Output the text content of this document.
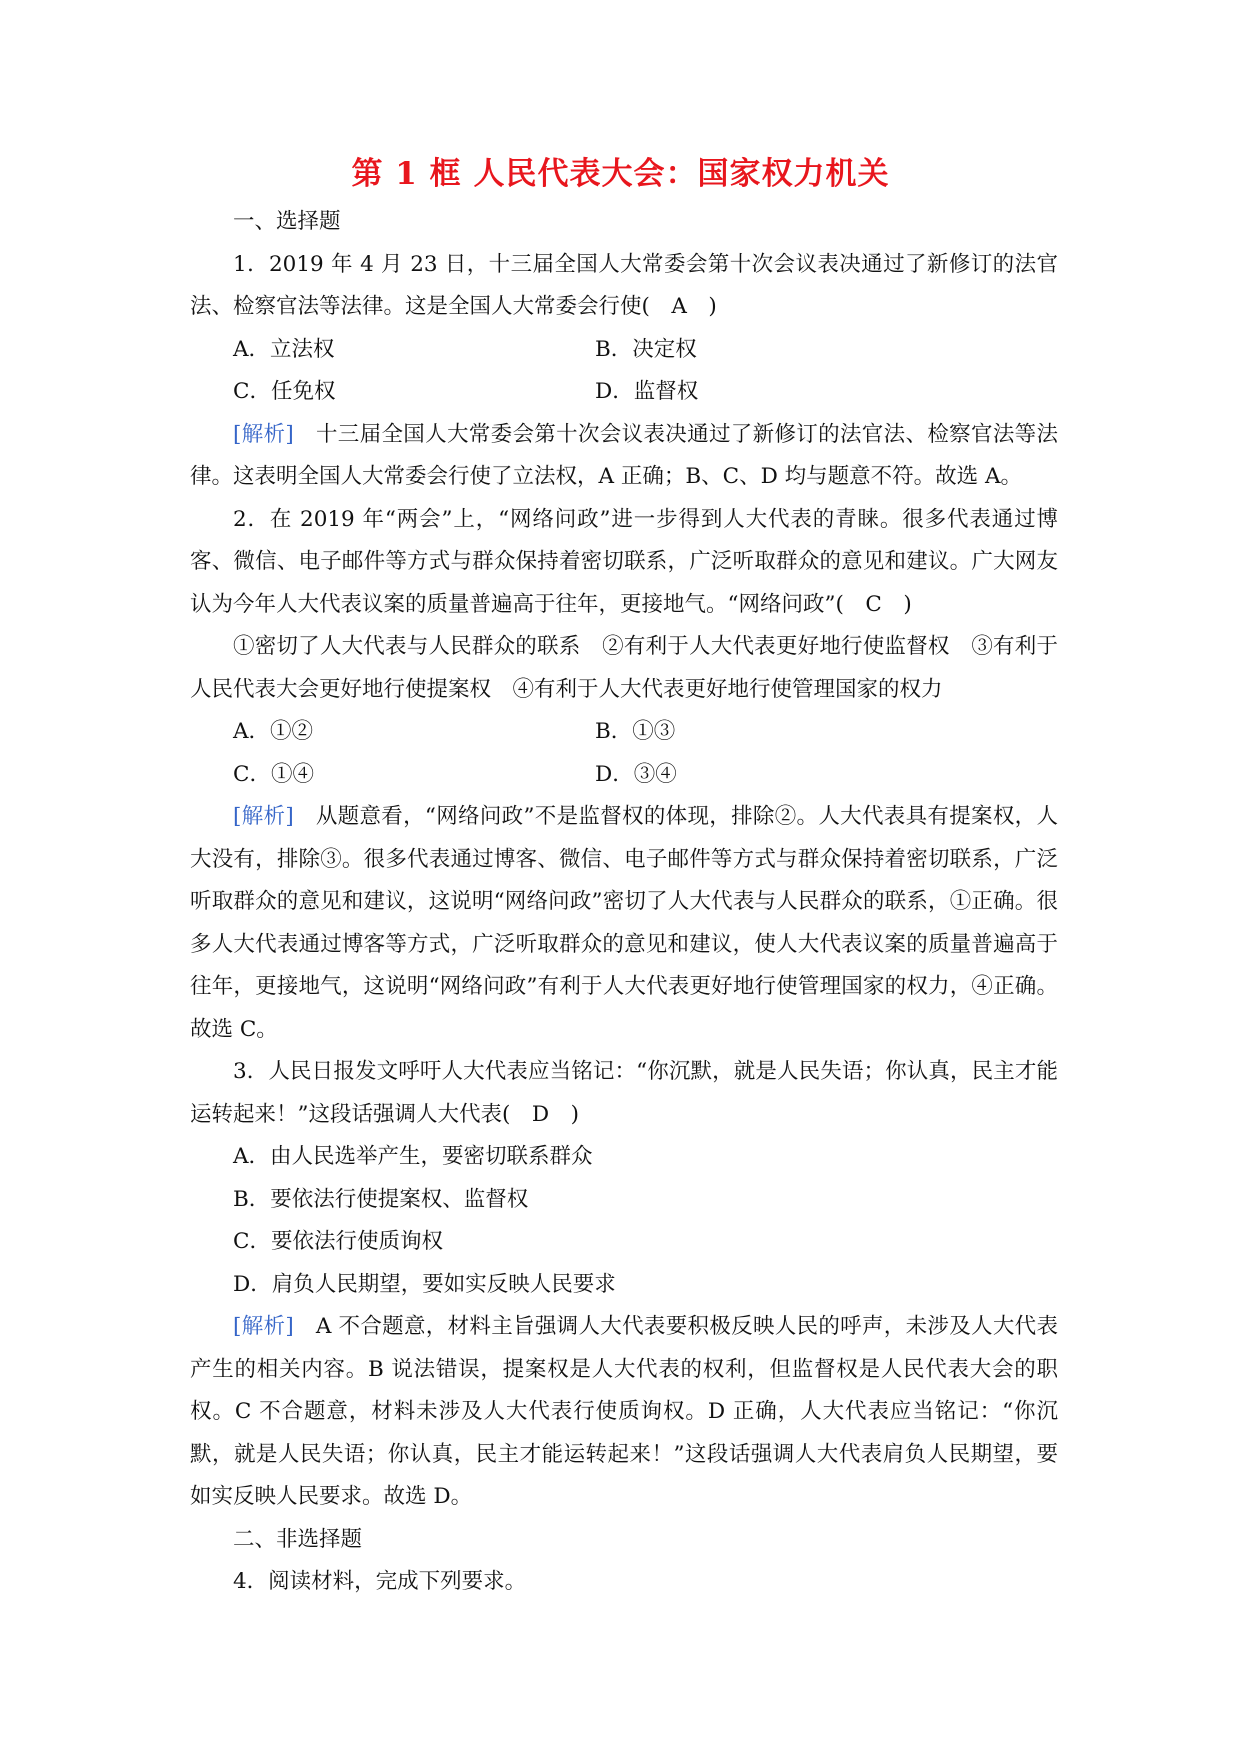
第 1 框 人民代表大会：国家权力机关

一、选择题

1．2019 年 4 月 23 日，十三届全国人大常委会第十次会议表决通过了新修订的法官法、检察官法等法律。这是全国人大常委会行使(　A　)

A．立法权	B．决定权

C．任免权	D．监督权

[解析]　十三届全国人大常委会第十次会议表决通过了新修订的法官法、检察官法等法律。这表明全国人大常委会行使了立法权，A 正确；B、C、D 均与题意不符。故选 A。

2．在 2019 年“两会”上，“网络问政”进一步得到人大代表的青睐。很多代表通过博客、微信、电子邮件等方式与群众保持着密切联系，广泛听取群众的意见和建议。广大网友认为今年人大代表议案的质量普遍高于往年，更接地气。“网络问政”(　C　)

①密切了人大代表与人民群众的联系　②有利于人大代表更好地行使监督权　③有利于人民代表大会更好地行使提案权　④有利于人大代表更好地行使管理国家的权力

A．①②	B．①③

C．①④	D．③④

[解析]　从题意看，“网络问政”不是监督权的体现，排除②。人大代表具有提案权，人大没有，排除③。很多代表通过博客、微信、电子邮件等方式与群众保持着密切联系，广泛听取群众的意见和建议，这说明“网络问政”密切了人大代表与人民群众的联系，①正确。很多人大代表通过博客等方式，广泛听取群众的意见和建议，使人大代表议案的质量普遍高于往年，更接地气，这说明“网络问政”有利于人大代表更好地行使管理国家的权力，④正确。故选 C。

3．人民日报发文呼吁人大代表应当铭记：“你沉默，就是人民失语；你认真，民主才能运转起来！”这段话强调人大代表(　D　)

A．由人民选举产生，要密切联系群众

B．要依法行使提案权、监督权

C．要依法行使质询权

D．肩负人民期望，要如实反映人民要求

[解析]　A 不合题意，材料主旨强调人大代表要积极反映人民的呼声，未涉及人大代表产生的相关内容。B 说法错误，提案权是人大代表的权利，但监督权是人民代表大会的职权。C 不合题意，材料未涉及人大代表行使质询权。D 正确，人大代表应当铭记：“你沉默，就是人民失语；你认真，民主才能运转起来！”这段话强调人大代表肩负人民期望，要如实反映人民要求。故选 D。

二、非选择题

4．阅读材料，完成下列要求。
